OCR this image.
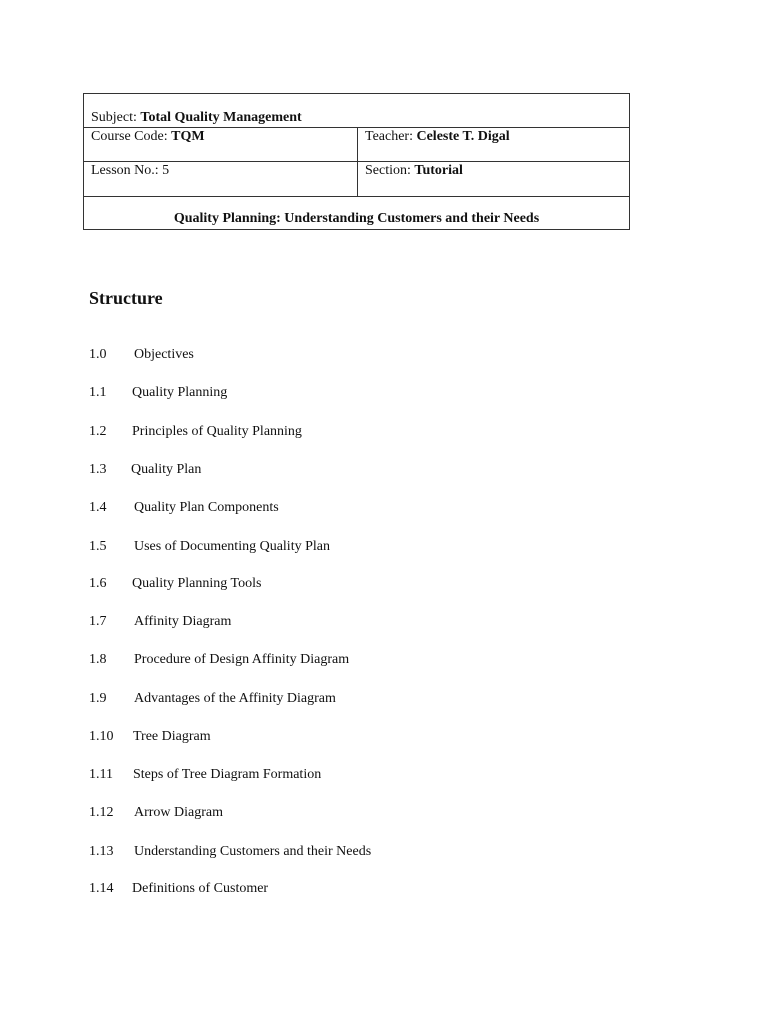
Subject: Total Quality Management
Course Code: TQM	Teacher: Celeste T. Digal
Lesson No.: 5	Section: Tutorial
Quality Planning: Understanding Customers and their Needs
Structure
1.0 Objectives
1.1 Quality Planning
1.2 Principles of Quality Planning
1.3 Quality Plan
1.4 Quality Plan Components
1.5 Uses of Documenting Quality Plan
1.6 Quality Planning Tools
1.7 Affinity Diagram
1.8 Procedure of Design Affinity Diagram
1.9 Advantages of the Affinity Diagram
1.10 Tree Diagram
1.11 Steps of Tree Diagram Formation
1.12 Arrow Diagram
1.13 Understanding Customers and their Needs
1.14 Definitions of Customer
